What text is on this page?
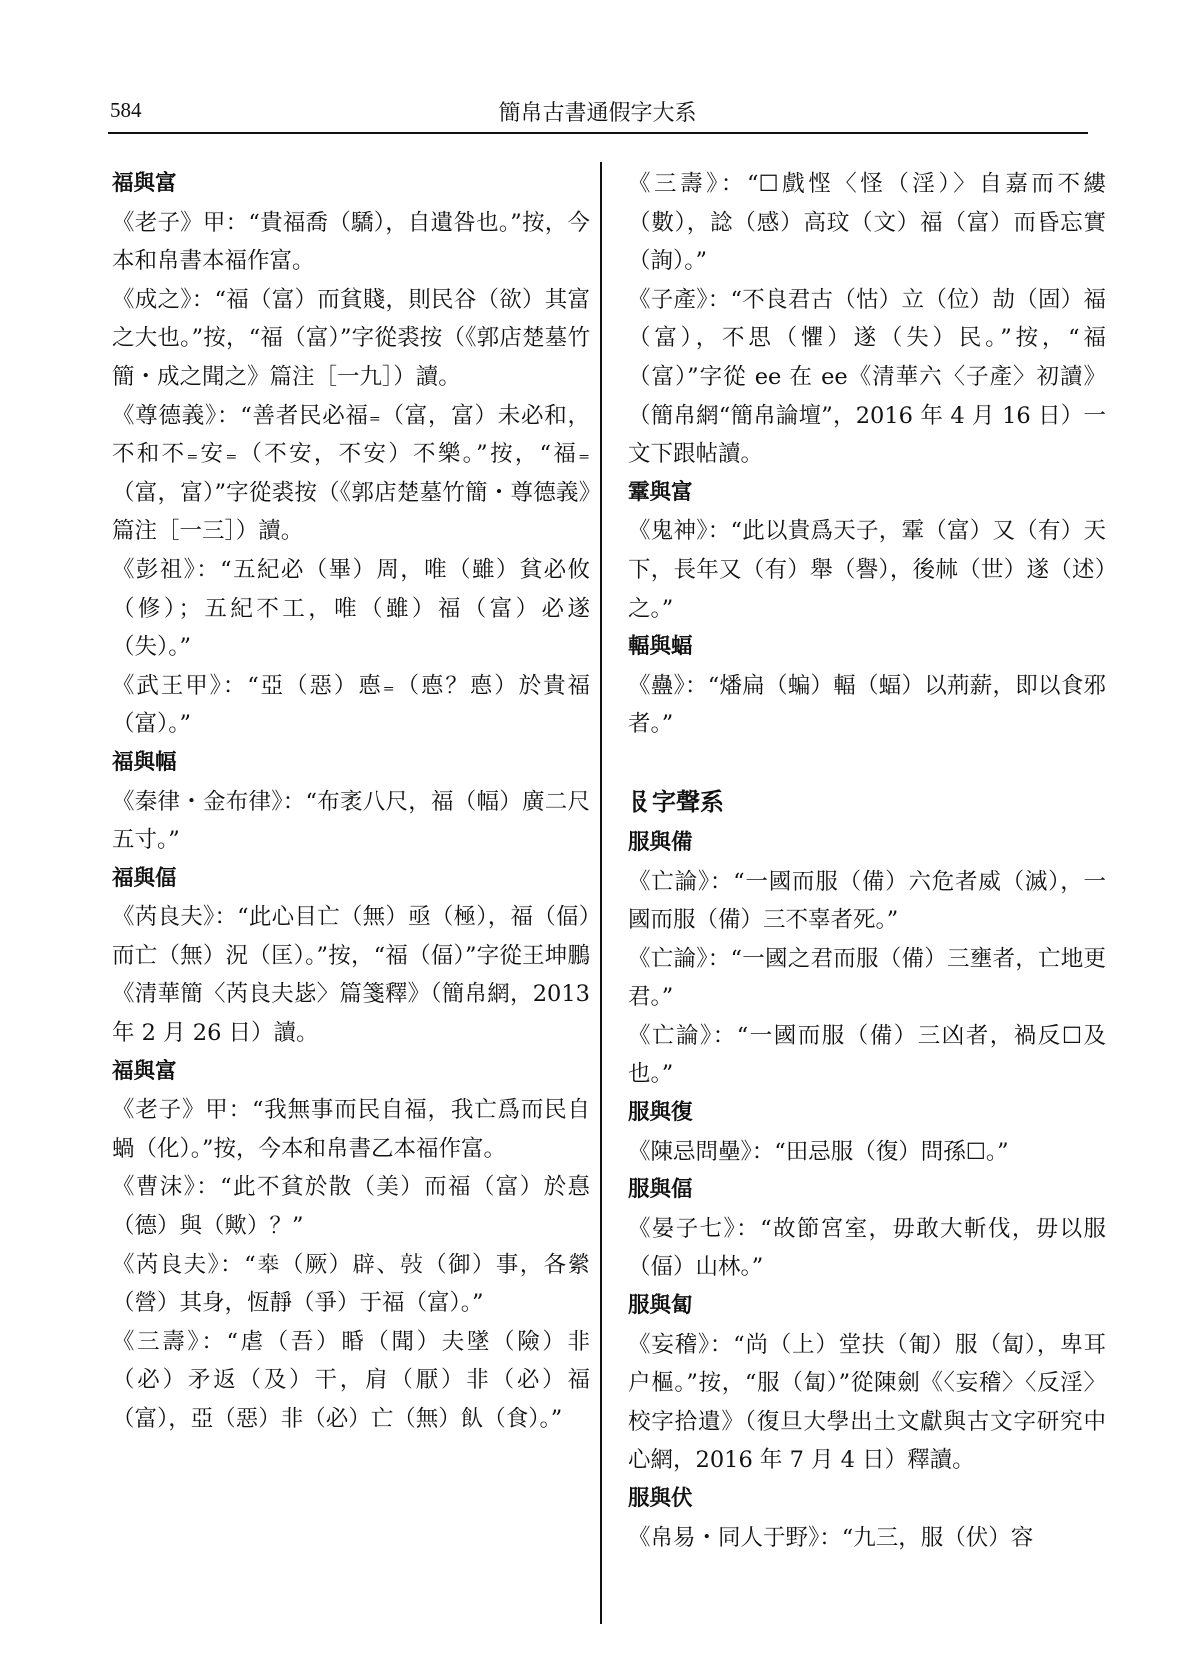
584	簡帛古書通假字大系

福與富

《老子》甲：“貴福喬（驕），自遺咎也。”按，今本和帛書本福作富。

《成之》：“福（富）而貧賤，則民谷（欲）其富之大也。”按，“福（富）”字從裘按（《郭店楚墓竹簡・成之聞之》篇注［一九］）讀。

《尊德義》：“善者民必福₌（富，富）未必和，不和不₌安₌（不安，不安）不樂。”按，“福₌（富，富）”字從裘按（《郭店楚墓竹簡・尊德義》篇注［一三］）讀。

《彭祖》：“五紀必（畢）周，唯（雖）貧必攸（修）；五紀不工，唯（雖）福（富）必遂（失）。”

《武王甲》：“亞（惡）㥁₌（㥁？㥁）於貴福（富）。”

福與幅

《秦律・金布律》：“布袤八尺，福（幅）廣二尺五寸。”

福與偪

《芮良夫》：“此心目亡（無）亟（極），福（偪）而亡（無）況（匡）。”按，“福（偪）”字從王坤鵬《清華簡〈芮良夫毖〉篇箋釋》（簡帛網，2013 年 2 月 26 日）讀。

福與富

《老子》甲：“我無事而民自福，我亡爲而民自蝸（化）。”按，今本和帛書乙本福作富。

《曹沫》：“此不貧於散（美）而福（富）於惪（德）與（歟）？”

《芮良夫》：“𠦪（厥）辟、𢾊（御）事，各縈（營）其身，恆靜（爭）于福（富）。”

《三壽》：“虐（吾）睧（聞）夫墜（險）非（必）矛返（及）干，肩（厭）非（必）福（富），亞（惡）非（必）亡（無）飤（食）。”

《三壽》：“☐戲悭〈怪（淫）〉自嘉而不縷（數），諗（感）高玟（文）福（富）而昏忘實（詢）。”

《子產》：“不良君古（怙）立（位）劼（固）福（富），不思（懼）遂（失）民。”按，“福（富）”字從 ee 在 ee《清華六〈子產〉初讀》（簡帛網“簡帛論壇”，2016 年 4 月 16 日）一文下跟帖讀。

䨣與富

《鬼神》：“此以貴爲天子，䨣（富）又（有）天下，長年又（有）舉（譽），後𣏟（世）遂（述）之。”

輻與蝠

《蠱》：“燔扁（蝙）輻（蝠）以荊薪，即以食邪者。”

𠬝字聲系

服與備

《亡論》：“一國而服（備）六危者威（滅），一國而服（備）三不辜者死。”

《亡論》：“一國之君而服（備）三壅者，亡地更君。”

《亡論》：“一國而服（備）三凶者，禍反☐及也。”

服與復

《陳忌問壘》：“田忌服（復）問孫☐。”

服與偪

《晏子七》：“故節宮室，毋敢大斬伐，毋以服（偪）山林。”

服與匐

《妄稽》：“尚（上）堂扶（匍）服（匐），卑耳户樞。”按，“服（匐）”從陳劍《〈妄稽〉〈反淫〉校字拾遺》（復旦大學出土文獻與古文字研究中心網，2016 年 7 月 4 日）釋讀。

服與伏

《帛易・同人于野》：“九三，服（伏）容
